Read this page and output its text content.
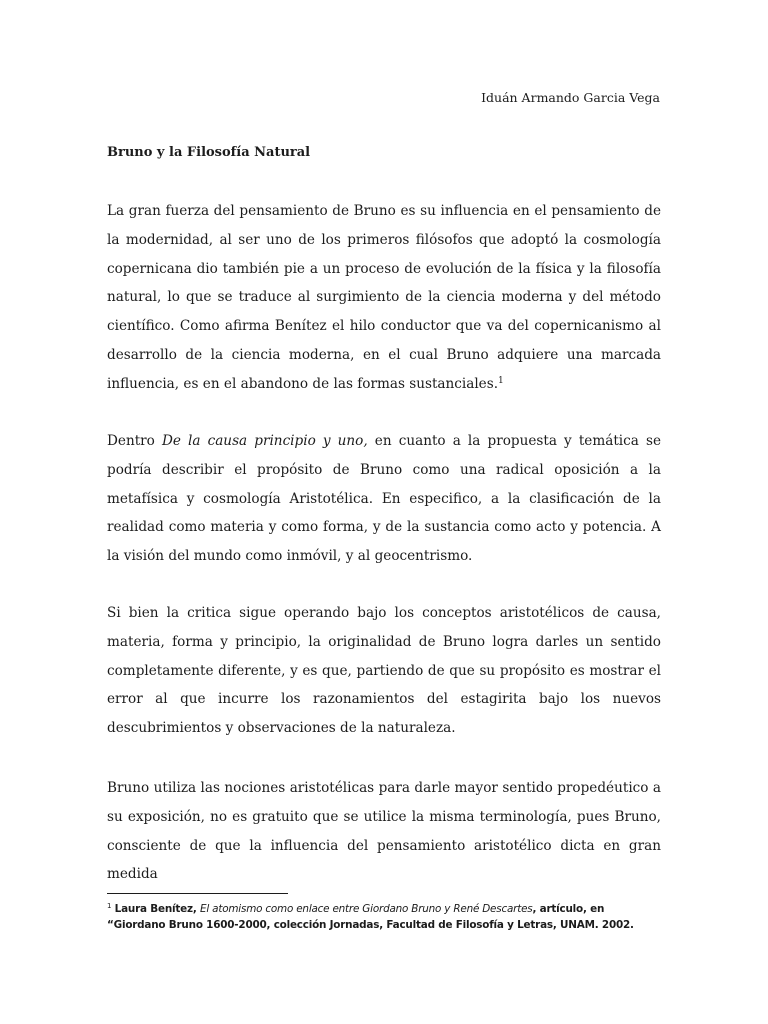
Iduán Armando Garcia Vega
Bruno y la Filosofía Natural

La gran fuerza del pensamiento de Bruno es su influencia en el pensamiento de la modernidad, al ser uno de los primeros filósofos que adoptó la cosmología copernicana dio también pie a un proceso de evolución de la física y la filosofía natural, lo que se traduce al surgimiento de la ciencia moderna y del método científico. Como afirma Benítez el hilo conductor que va del copernicanismo al desarrollo de la ciencia moderna, en el cual Bruno adquiere una marcada influencia, es en el abandono de las formas sustanciales.$^1$

Dentro De la causa principio y uno, en cuanto a la propuesta y temática se podría describir el propósito de Bruno como una radical oposición a la metafísica y cosmología Aristotélica. En especifico, a la clasificación de la realidad como materia y como forma, y de la sustancia como acto y potencia. A la visión del mundo como inmóvil, y al geocentrismo.

Si bien la critica sigue operando bajo los conceptos aristotélicos de causa, materia, forma y principio, la originalidad de Bruno logra darles un sentido completamente diferente, y es que, partiendo de que su propósito es mostrar el error al que incurre los razonamientos del estagirita bajo los nuevos descubrimientos y observaciones de la naturaleza.

Bruno utiliza las nociones aristotélicas para darle mayor sentido propedéutico a su exposición, no es gratuito que se utilice la misma terminología, pues Bruno, consciente de que la influencia del pensamiento aristotélico dicta en gran medida

$^1$ Laura Benítez, El atomismo como enlace entre Giordano Bruno y René Descartes, artículo, en “Giordano Bruno 1600-2000, colección Jornadas, Facultad de Filosofía y Letras, UNAM. 2002.
